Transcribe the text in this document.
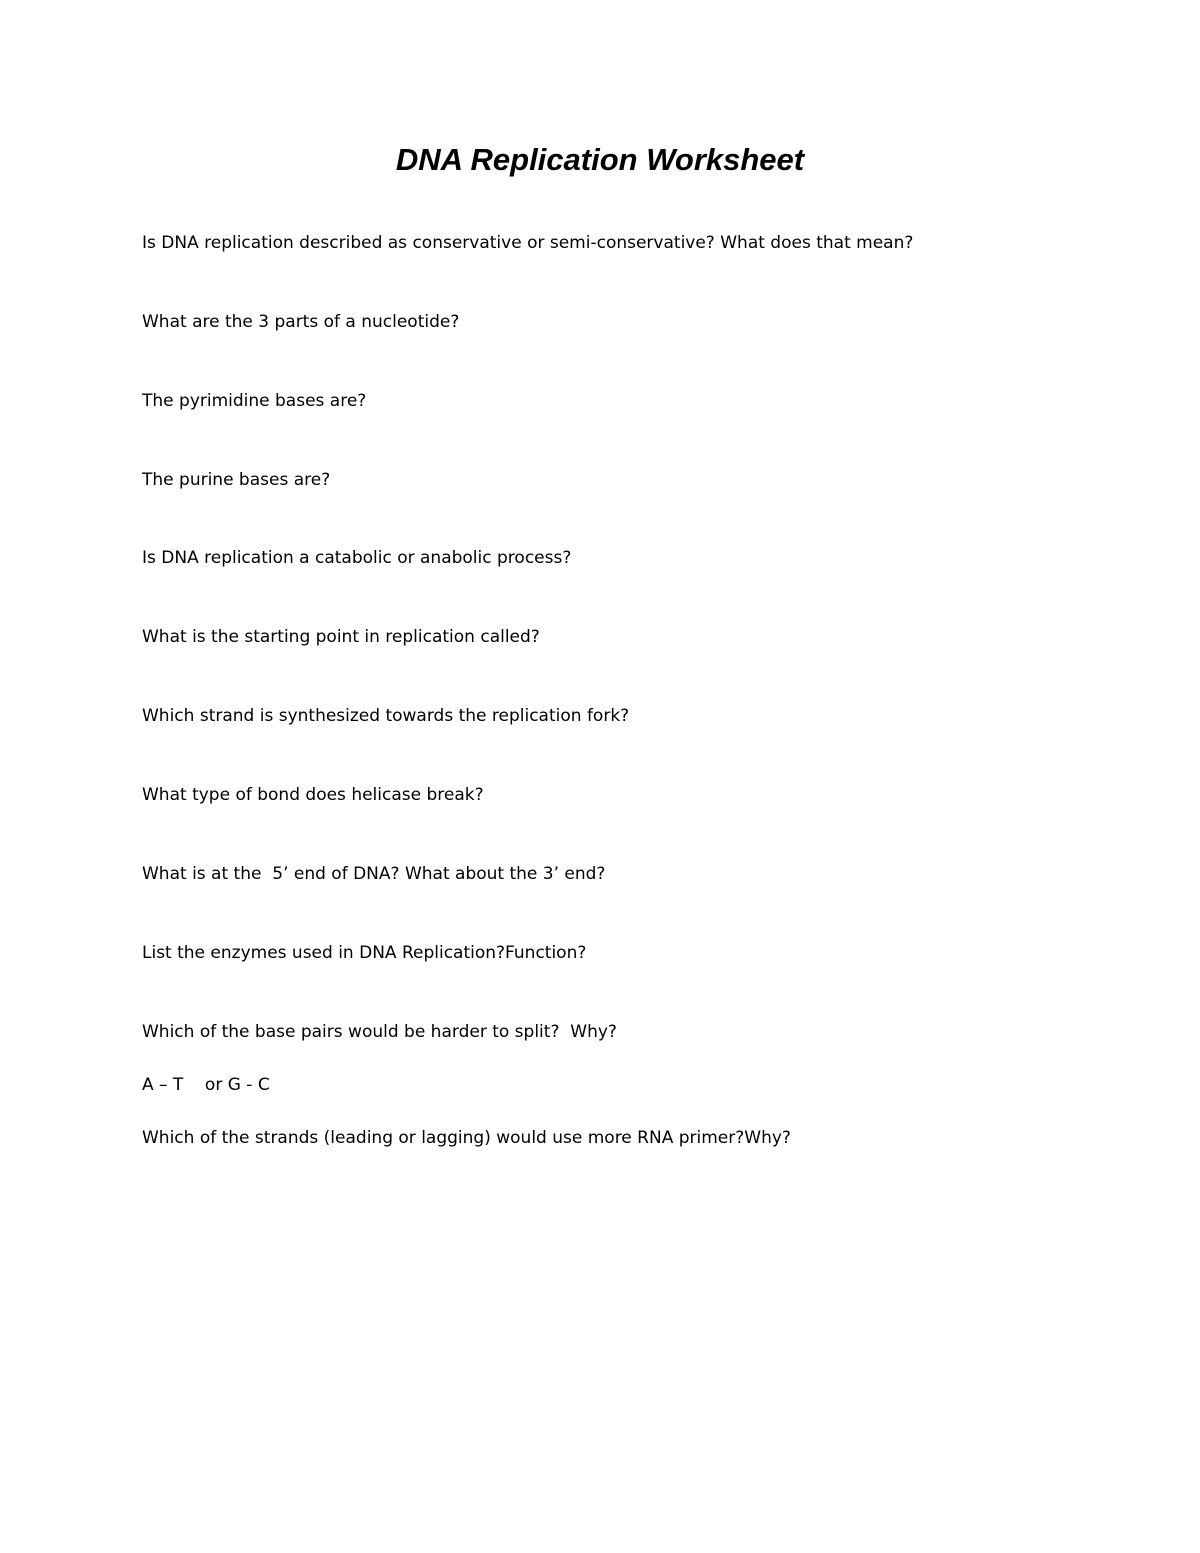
DNA Replication Worksheet

Is DNA replication described as conservative or semi-conservative? What does that mean?

What are the 3 parts of a nucleotide?

The pyrimidine bases are?

The purine bases are?

Is DNA replication a catabolic or anabolic process?

What is the starting point in replication called?

Which strand is synthesized towards the replication fork?

What type of bond does helicase break?

What is at the  5’ end of DNA? What about the 3’ end?

List the enzymes used in DNA Replication?Function?

Which of the base pairs would be harder to split?  Why?

A – T    or G - C

Which of the strands (leading or lagging) would use more RNA primer?Why?
